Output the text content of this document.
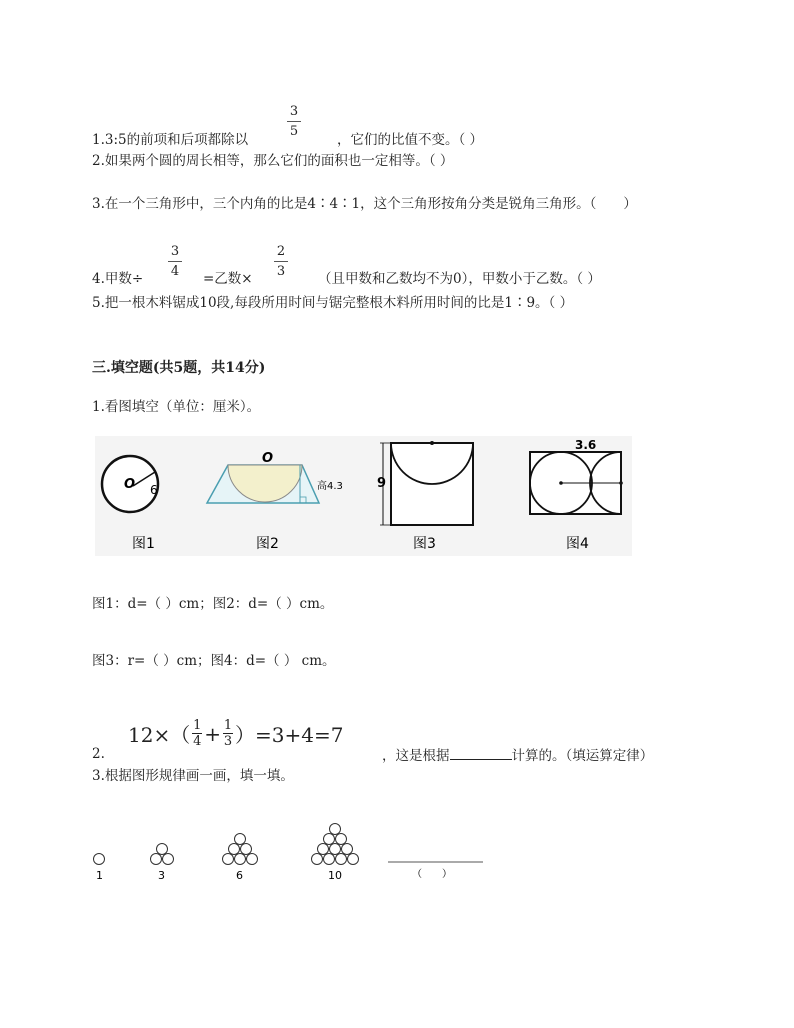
1.3:5的前项和后项都除以
3
5
，它们的比值不变。（ ）
2.如果两个圆的周长相等，那么它们的面积也一定相等。（ ）
3.在一个三角形中，三个内角的比是4∶4∶1，这个三角形按角分类是锐角三角形。（　　）
4.甲数÷
3
4 =乙数×
2
3 （且甲数和乙数均不为0），甲数小于乙数。（ ）
5.把一根木料锯成10段,每段所用时间与锯完整根木料所用时间的比是1∶9。（ ）
三.填空题(共5题，共14分)
1.看图填空（单位：厘米）。
O 6
O
高4.3	9
3.6
图1	图2	图3	图4
图1：d=（ ）cm；图2：d=（ ）cm。
图3：r=（ ）cm；图4：d=（ ） cm。
2.
12×（ 1
4 + 1
3 ）=3+4=7
，这是根据	计算的。（填运算定律）
3.根据图形规律画一画，填一填。
1	3	6	10	（　　）
